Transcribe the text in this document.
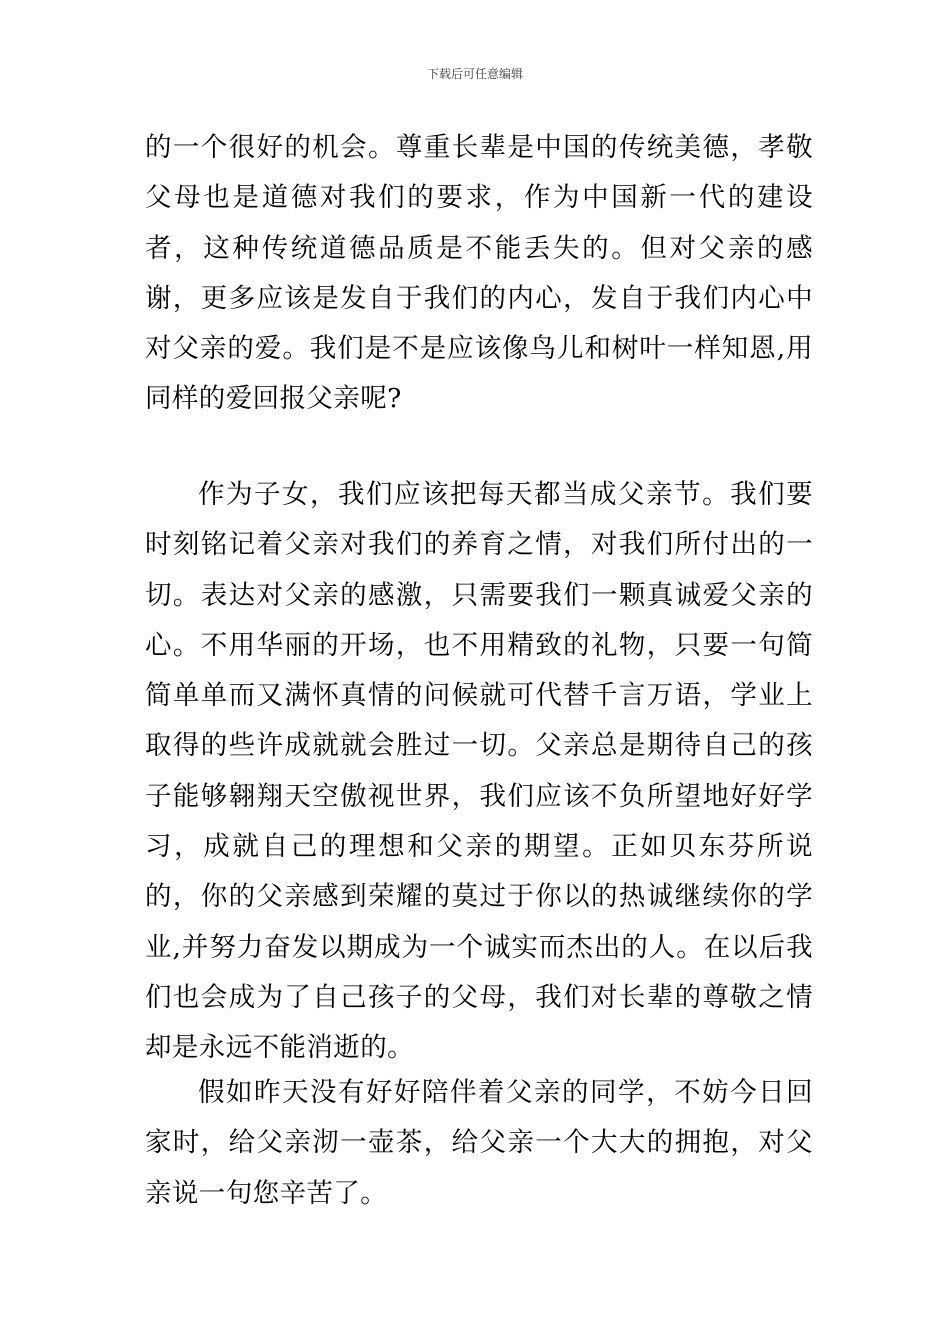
下载后可任意编辑

的一个很好的机会。尊重长辈是中国的传统美德，孝敬父母也是道德对我们的要求，作为中国新一代的建设者，这种传统道德品质是不能丢失的。但对父亲的感谢，更多应该是发自于我们的内心，发自于我们内心中对父亲的爱。我们是不是应该像鸟儿和树叶一样知恩,用同样的爱回报父亲呢?

作为子女，我们应该把每天都当成父亲节。我们要时刻铭记着父亲对我们的养育之情，对我们所付出的一切。表达对父亲的感激，只需要我们一颗真诚爱父亲的心。不用华丽的开场，也不用精致的礼物，只要一句简简单单而又满怀真情的问候就可代替千言万语，学业上取得的些许成就就会胜过一切。父亲总是期待自己的孩子能够翱翔天空傲视世界，我们应该不负所望地好好学习，成就自己的理想和父亲的期望。正如贝东芬所说的，你的父亲感到荣耀的莫过于你以的热诚继续你的学业,并努力奋发以期成为一个诚实而杰出的人。在以后我们也会成为了自己孩子的父母，我们对长辈的尊敬之情却是永远不能消逝的。

假如昨天没有好好陪伴着父亲的同学，不妨今日回家时，给父亲沏一壶茶，给父亲一个大大的拥抱，对父亲说一句您辛苦了。
